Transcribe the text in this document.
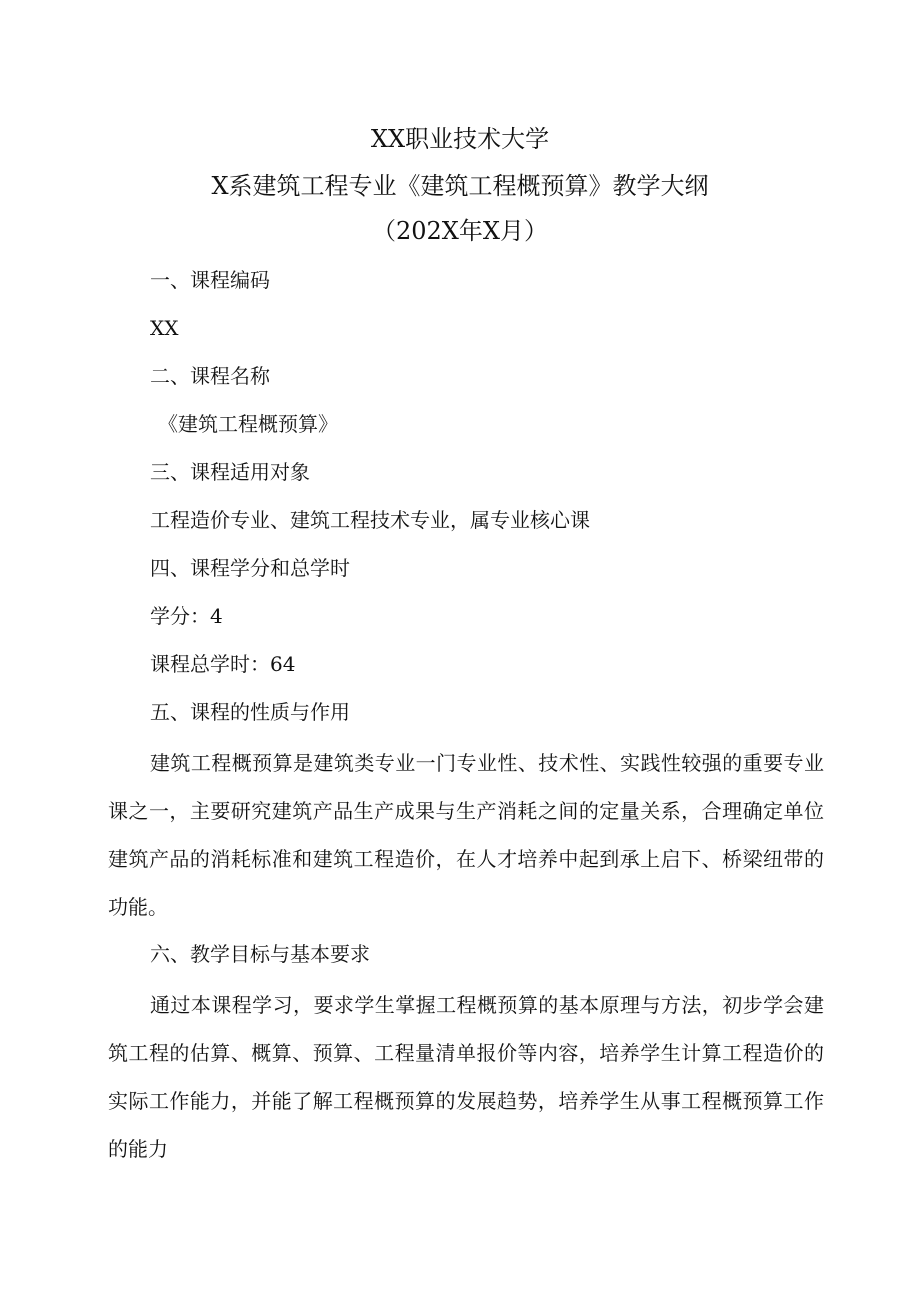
XX职业技术大学
X系建筑工程专业《建筑工程概预算》教学大纲
（202X年X月）
一、课程编码
XX
二、课程名称
《建筑工程概预算》
三、课程适用对象
工程造价专业、建筑工程技术专业，属专业核心课
四、课程学分和总学时
学分：4
课程总学时：64
五、课程的性质与作用
建筑工程概预算是建筑类专业一门专业性、技术性、实践性较强的重要专业课之一，主要研究建筑产品生产成果与生产消耗之间的定量关系，合理确定单位建筑产品的消耗标准和建筑工程造价，在人才培养中起到承上启下、桥梁纽带的功能。
六、教学目标与基本要求
通过本课程学习，要求学生掌握工程概预算的基本原理与方法，初步学会建筑工程的估算、概算、预算、工程量清单报价等内容，培养学生计算工程造价的实际工作能力，并能了解工程概预算的发展趋势，培养学生从事工程概预算工作的能力
